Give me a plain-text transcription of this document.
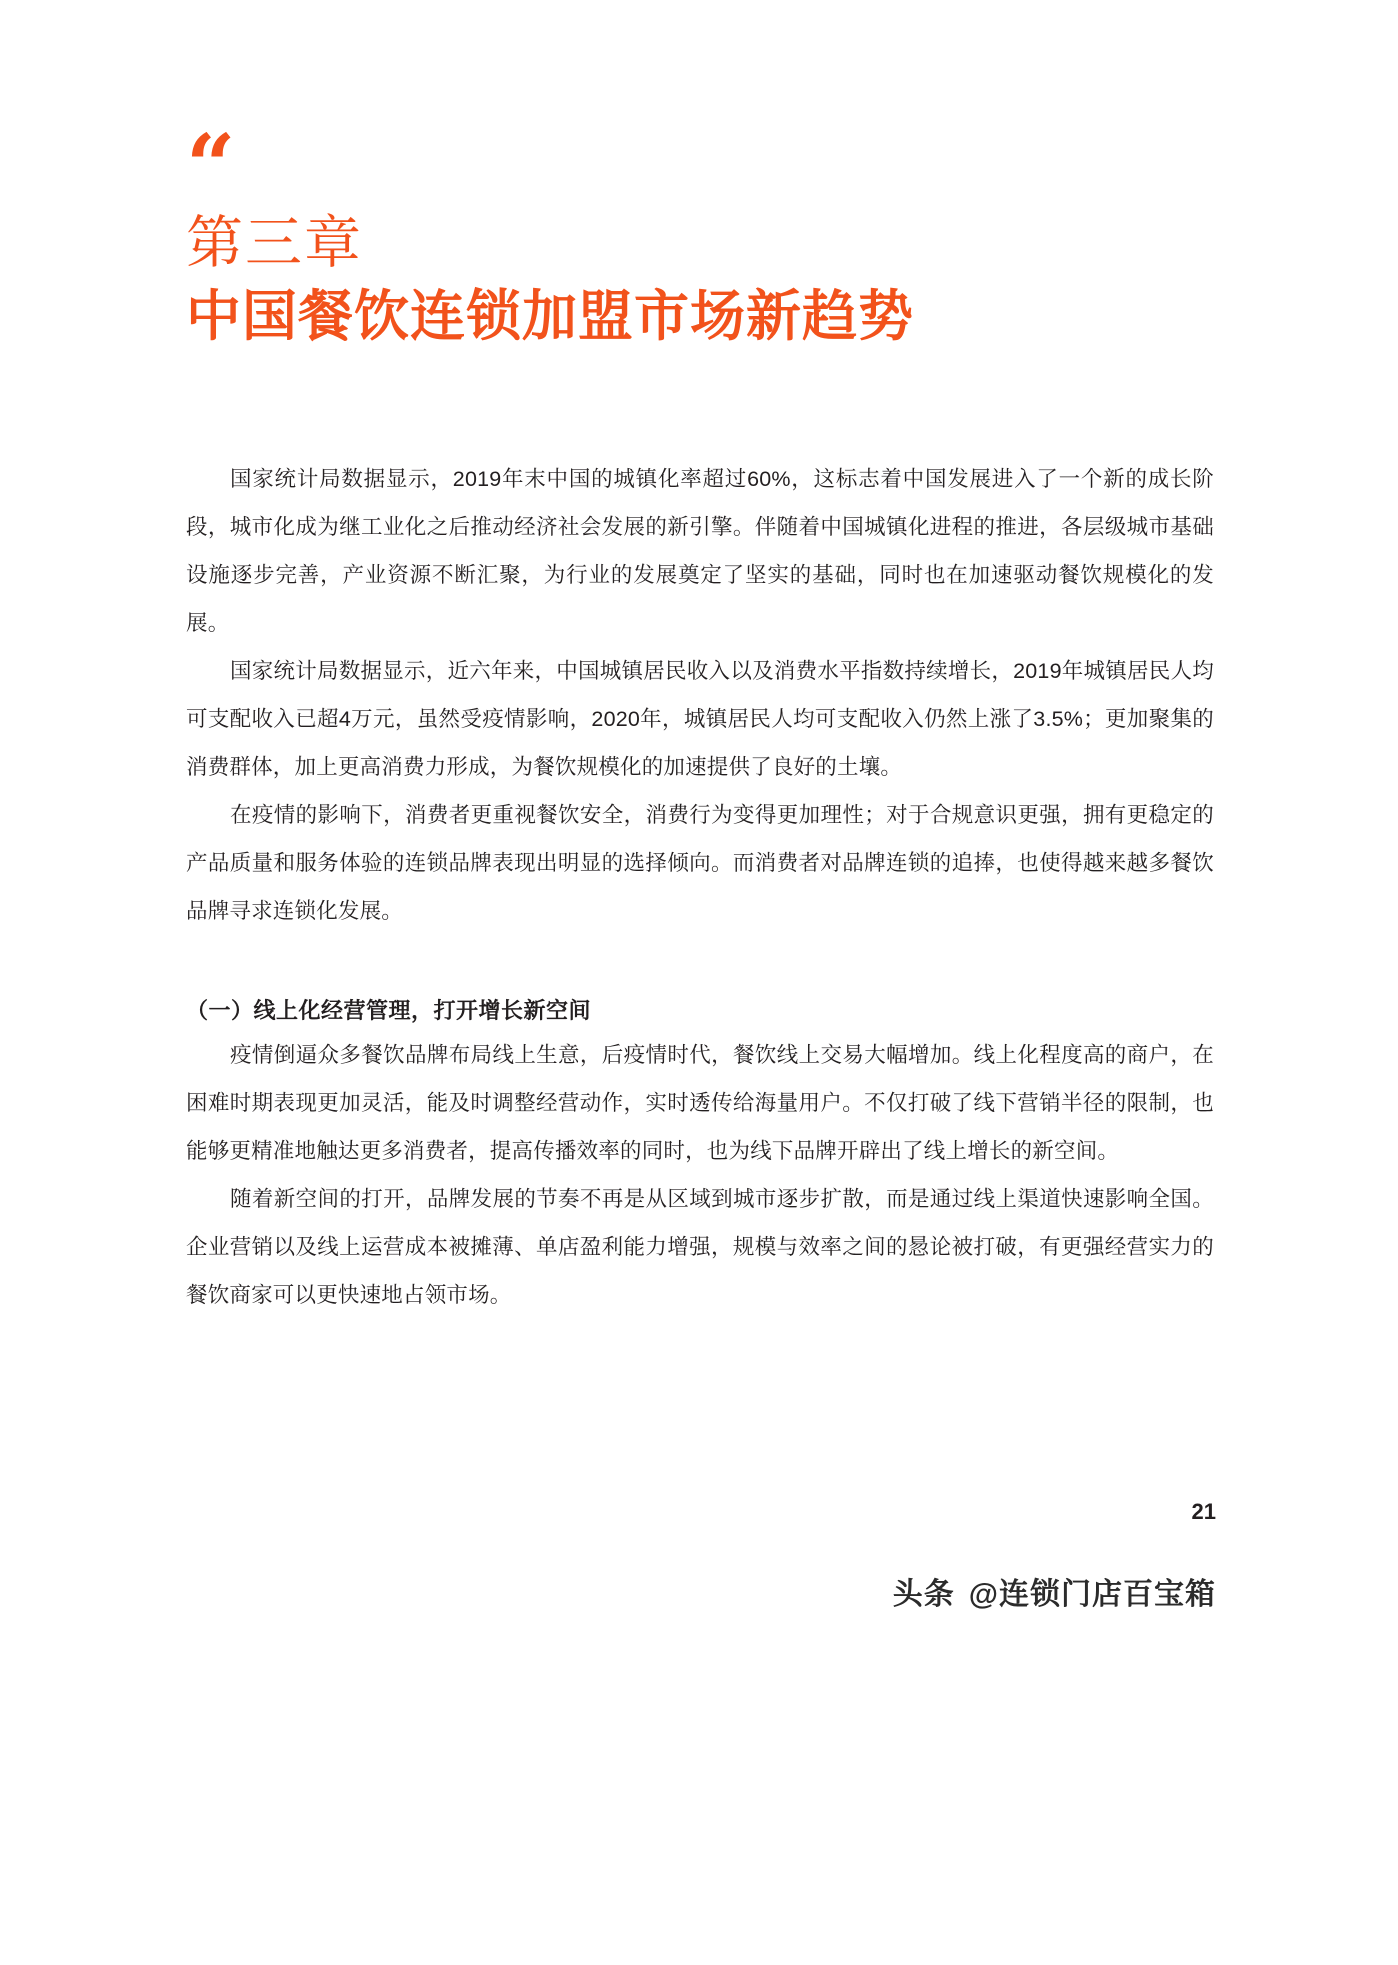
“
第三章
中国餐饮连锁加盟市场新趋势

国家统计局数据显示，2019年末中国的城镇化率超过60%，这标志着中国发展进入了一个新的成长阶段，城市化成为继工业化之后推动经济社会发展的新引擎。伴随着中国城镇化进程的推进，各层级城市基础设施逐步完善，产业资源不断汇聚，为行业的发展奠定了坚实的基础，同时也在加速驱动餐饮规模化的发展。

国家统计局数据显示，近六年来，中国城镇居民收入以及消费水平指数持续增长，2019年城镇居民人均可支配收入已超4万元，虽然受疫情影响，2020年，城镇居民人均可支配收入仍然上涨了3.5%；更加聚集的消费群体，加上更高消费力形成，为餐饮规模化的加速提供了良好的土壤。

在疫情的影响下，消费者更重视餐饮安全，消费行为变得更加理性；对于合规意识更强，拥有更稳定的产品质量和服务体验的连锁品牌表现出明显的选择倾向。而消费者对品牌连锁的追捧，也使得越来越多餐饮品牌寻求连锁化发展。

（一）线上化经营管理，打开增长新空间

疫情倒逼众多餐饮品牌布局线上生意，后疫情时代，餐饮线上交易大幅增加。线上化程度高的商户，在困难时期表现更加灵活，能及时调整经营动作，实时透传给海量用户。不仅打破了线下营销半径的限制，也能够更精准地触达更多消费者，提高传播效率的同时，也为线下品牌开辟出了线上增长的新空间。

随着新空间的打开，品牌发展的节奏不再是从区域到城市逐步扩散，而是通过线上渠道快速影响全国。企业营销以及线上运营成本被摊薄、单店盈利能力增强，规模与效率之间的惖论被打破，有更强经营实力的餐饮商家可以更快速地占领市场。

21
头条 @连锁门店百宝箱
